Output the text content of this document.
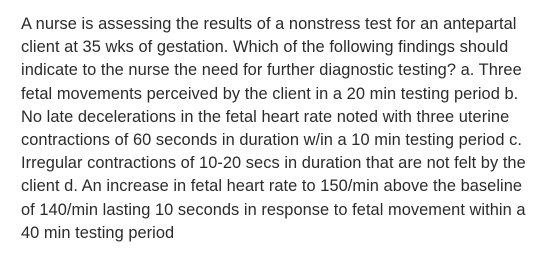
A nurse is assessing the results of a nonstress test for an antepartal client at 35 wks of gestation. Which of the following findings should indicate to the nurse the need for further diagnostic testing? a. Three fetal movements perceived by the client in a 20 min testing period b. No late decelerations in the fetal heart rate noted with three uterine contractions of 60 seconds in duration w/in a 10 min testing period c. Irregular contractions of 10-20 secs in duration that are not felt by the client d. An increase in fetal heart rate to 150/min above the baseline of 140/min lasting 10 seconds in response to fetal movement within a 40 min testing period
